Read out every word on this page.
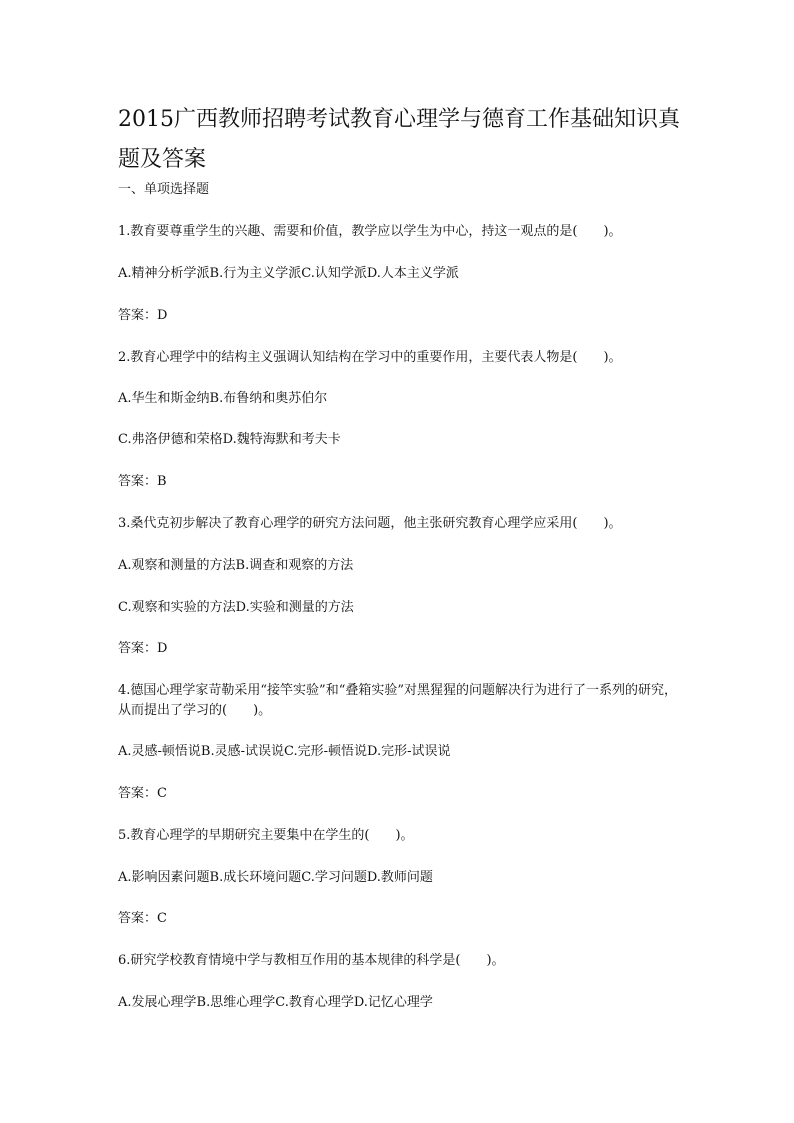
2015广西教师招聘考试教育心理学与德育工作基础知识真
题及答案
一、单项选择题
1.教育要尊重学生的兴趣、需要和价值，教学应以学生为中心，持这一观点的是(　　)。
A.精神分析学派B.行为主义学派C.认知学派D.人本主义学派
答案：D
2.教育心理学中的结构主义强调认知结构在学习中的重要作用，主要代表人物是(　　)。
A.华生和斯金纳B.布鲁纳和奥苏伯尔
C.弗洛伊德和荣格D.魏特海默和考夫卡
答案：B
3.桑代克初步解决了教育心理学的研究方法问题，他主张研究教育心理学应采用(　　)。
A.观察和测量的方法B.调查和观察的方法
C.观察和实验的方法D.实验和测量的方法
答案：D
4.德国心理学家苛勒采用“接竿实验”和“叠箱实验”对黑猩猩的问题解决行为进行了一系列的研究，从而提出了学习的(　　)。
A.灵感-顿悟说B.灵感-试误说C.完形-顿悟说D.完形-试误说
答案：C
5.教育心理学的早期研究主要集中在学生的(　　)。
A.影响因素问题B.成长环境问题C.学习问题D.教师问题
答案：C
6.研究学校教育情境中学与教相互作用的基本规律的科学是(　　)。
A.发展心理学B.思维心理学C.教育心理学D.记忆心理学
